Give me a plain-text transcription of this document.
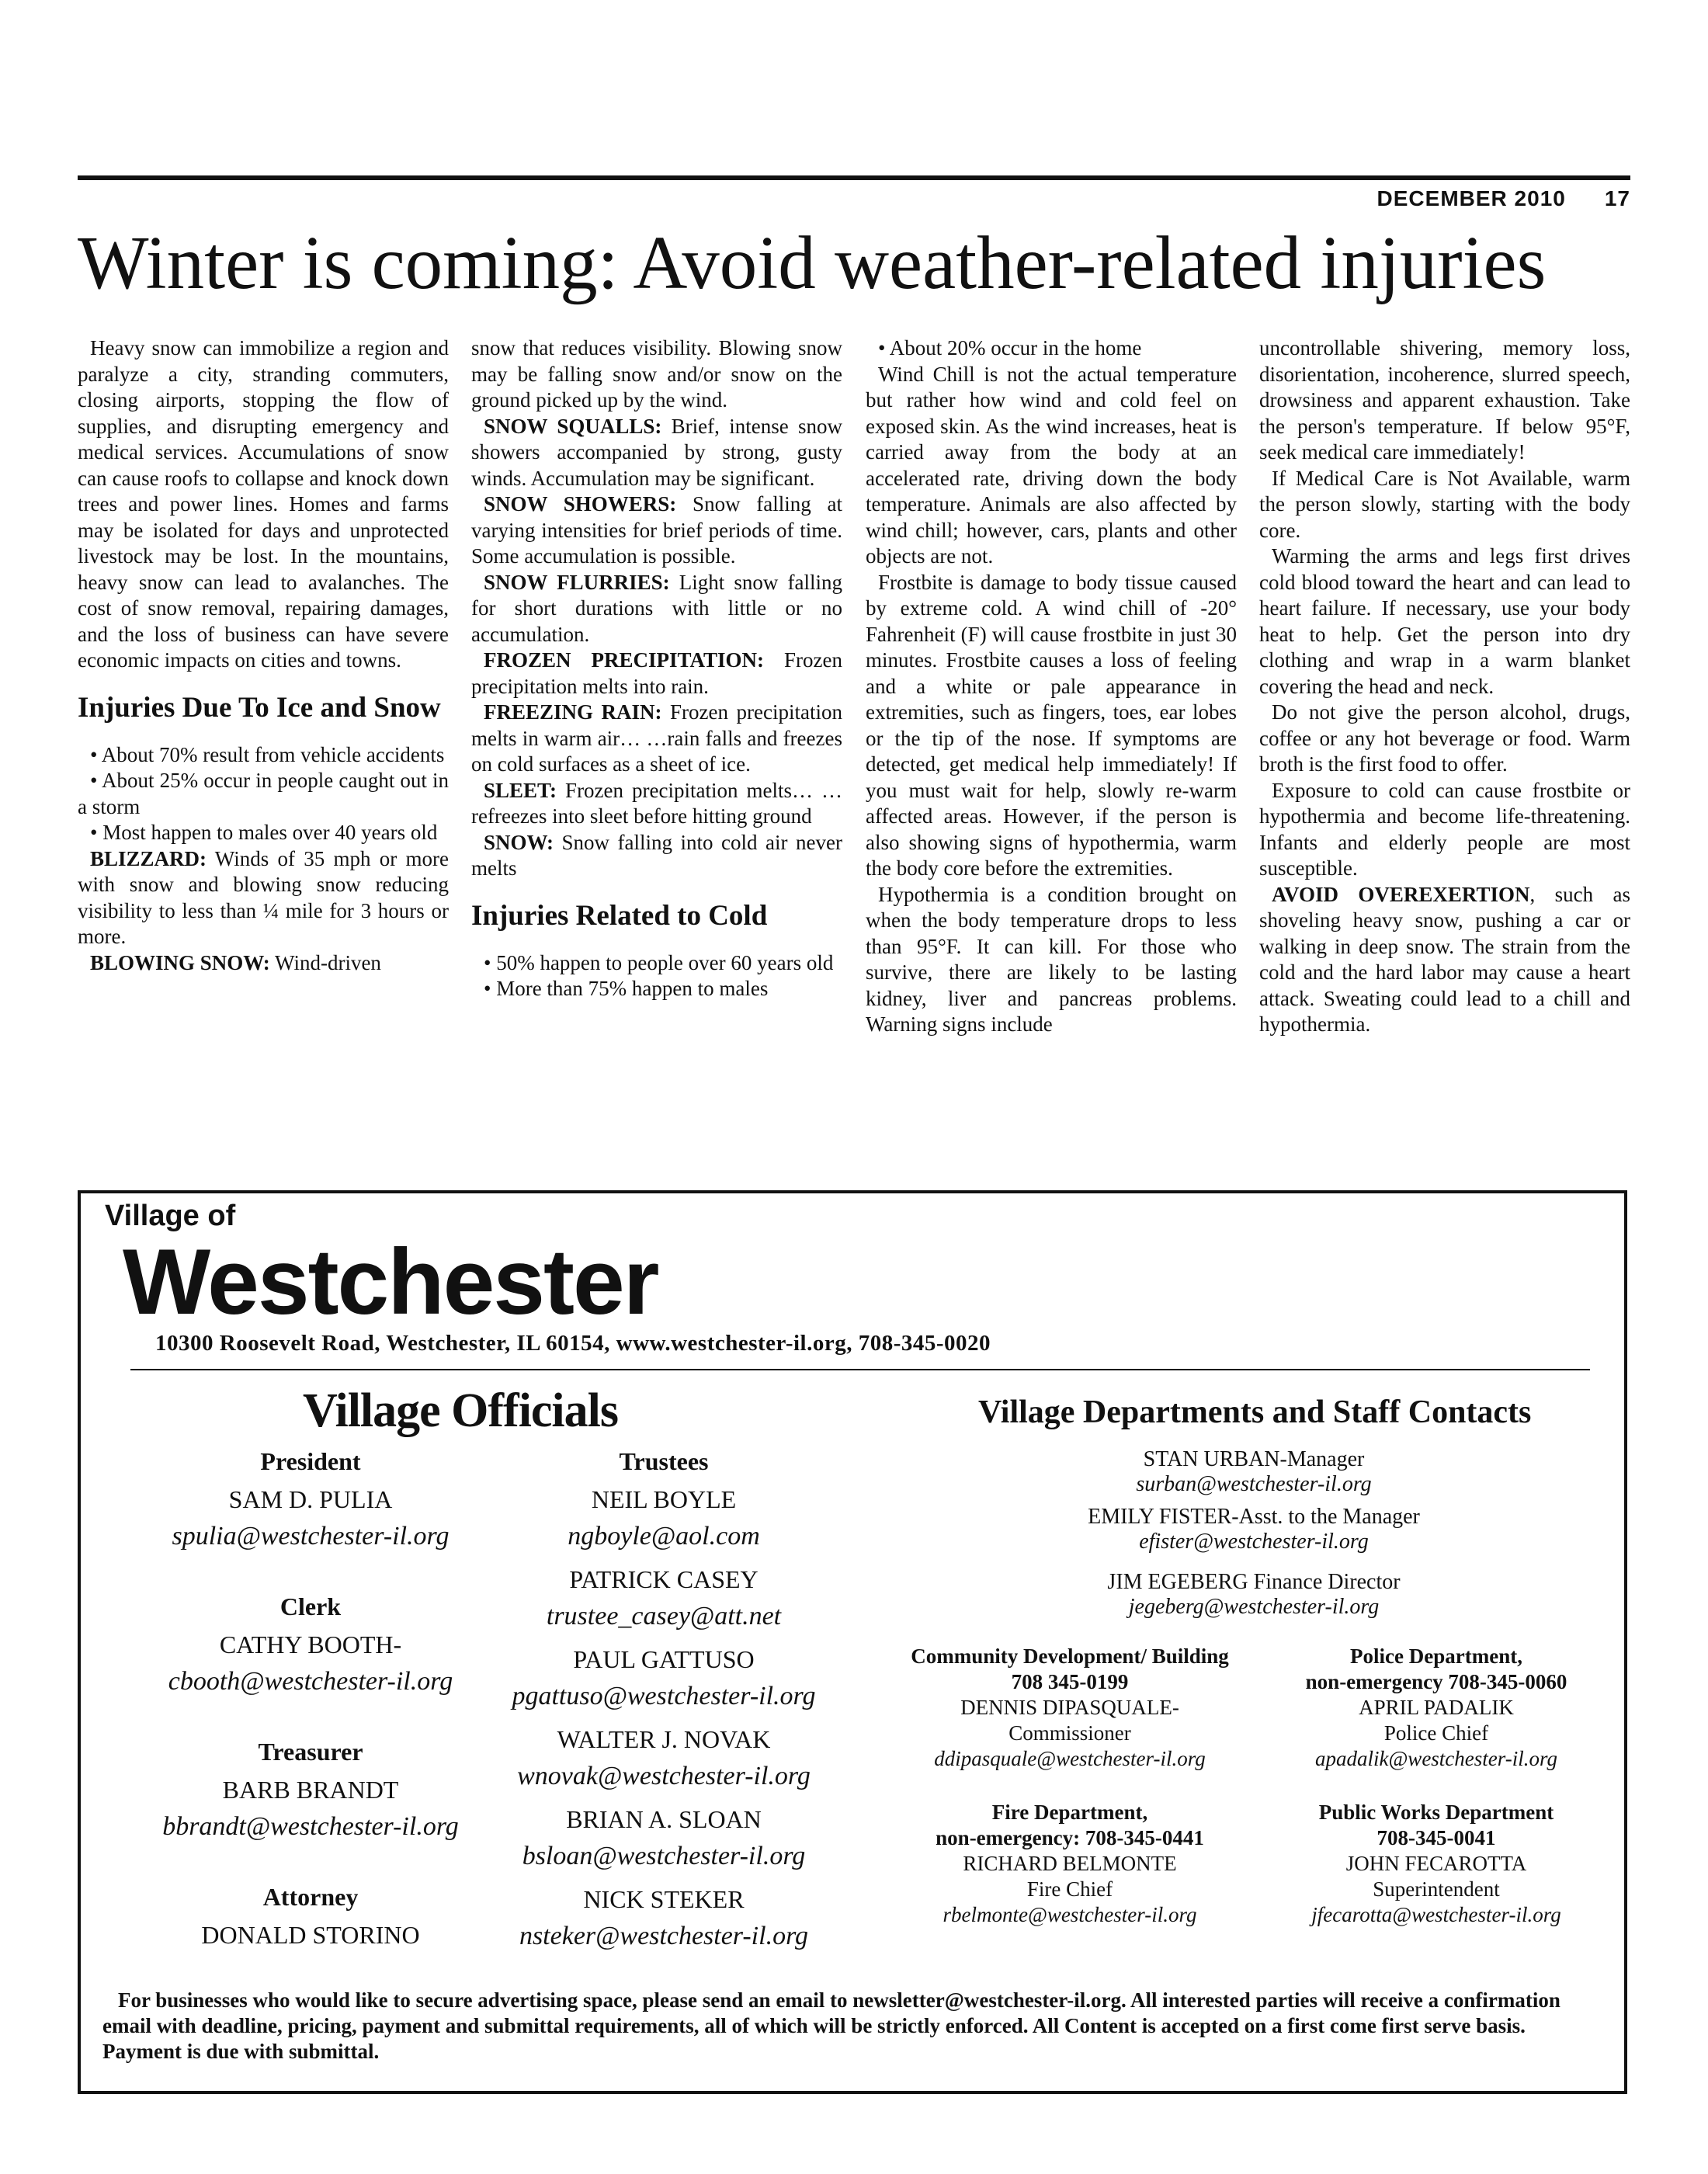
DECEMBER 2010 17
Winter is coming: Avoid weather-related injuries

Heavy snow can immobilize a region and paralyze a city, stranding commuters, closing airports, stopping the flow of supplies, and disrupting emergency and medical services. Accumulations of snow can cause roofs to collapse and knock down trees and power lines. Homes and farms may be isolated for days and unprotected livestock may be lost. In the mountains, heavy snow can lead to avalanches. The cost of snow removal, repairing damages, and the loss of business can have severe economic impacts on cities and towns.

Injuries Due To Ice and Snow

• About 70% result from vehicle accidents

• About 25% occur in people caught out in a storm

• Most happen to males over 40 years old

BLIZZARD: Winds of 35 mph or more with snow and blowing snow reducing visibility to less than ¼ mile for 3 hours or more.

BLOWING SNOW: Wind-driven

snow that reduces visibility. Blowing snow may be falling snow and/or snow on the ground picked up by the wind.

SNOW SQUALLS: Brief, intense snow showers accompanied by strong, gusty winds. Accumulation may be significant.

SNOW SHOWERS: Snow falling at varying intensities for brief periods of time. Some accumulation is possible.

SNOW FLURRIES: Light snow falling for short durations with little or no accumulation.

FROZEN PRECIPITATION: Frozen precipitation melts into rain.

FREEZING RAIN: Frozen precipitation melts in warm air… …rain falls and freezes on cold surfaces as a sheet of ice.

SLEET: Frozen precipitation melts… …refreezes into sleet before hitting ground

SNOW: Snow falling into cold air never melts

Injuries Related to Cold

• 50% happen to people over 60 years old

• More than 75% happen to males

• About 20% occur in the home

Wind Chill is not the actual temperature but rather how wind and cold feel on exposed skin. As the wind increases, heat is carried away from the body at an accelerated rate, driving down the body temperature. Animals are also affected by wind chill; however, cars, plants and other objects are not.

Frostbite is damage to body tissue caused by extreme cold. A wind chill of -20° Fahrenheit (F) will cause frostbite in just 30 minutes. Frostbite causes a loss of feeling and a white or pale appearance in extremities, such as fingers, toes, ear lobes or the tip of the nose. If symptoms are detected, get medical help immediately! If you must wait for help, slowly re-warm affected areas. However, if the person is also showing signs of hypothermia, warm the body core before the extremities.

Hypothermia is a condition brought on when the body temperature drops to less than 95°F. It can kill. For those who survive, there are likely to be lasting kidney, liver and pancreas problems. Warning signs include

uncontrollable shivering, memory loss, disorientation, incoherence, slurred speech, drowsiness and apparent exhaustion. Take the person's temperature. If below 95°F, seek medical care immediately!

If Medical Care is Not Available, warm the person slowly, starting with the body core.

Warming the arms and legs first drives cold blood toward the heart and can lead to heart failure. If necessary, use your body heat to help. Get the person into dry clothing and wrap in a warm blanket covering the head and neck.

Do not give the person alcohol, drugs, coffee or any hot beverage or food. Warm broth is the first food to offer.

Exposure to cold can cause frostbite or hypothermia and become life-threatening. Infants and elderly people are most susceptible.

AVOID OVEREXERTION, such as shoveling heavy snow, pushing a car or walking in deep snow. The strain from the cold and the hard labor may cause a heart attack. Sweating could lead to a chill and hypothermia.

Village of
Westchester
10300 Roosevelt Road, Westchester, IL 60154, www.westchester-il.org, 708-345-0020
Village Officials	Village Departments and Staff Contacts
President
SAM D. PULIA
spulia@westchester-il.org
Clerk
CATHY BOOTH-
cbooth@westchester-il.org
Treasurer
BARB BRANDT
bbrandt@westchester-il.org
Attorney
DONALD STORINO
Trustees
NEIL BOYLE
ngboyle@aol.com
PATRICK CASEY
trustee_casey@att.net
PAUL GATTUSO
pgattuso@westchester-il.org
WALTER J. NOVAK
wnovak@westchester-il.org
BRIAN A. SLOAN
bsloan@westchester-il.org
NICK STEKER
nsteker@westchester-il.org
STAN URBAN-Manager
surban@westchester-il.org
EMILY FISTER-Asst. to the Manager
efister@westchester-il.org
JIM EGEBERG Finance Director
jegeberg@westchester-il.org
Community Development/ Building
708 345-0199
DENNIS DIPASQUALE-
Commissioner
ddipasquale@westchester-il.org
Police Department,
non-emergency 708-345-0060
APRIL PADALIK
Police Chief
apadalik@westchester-il.org
Fire Department,
non-emergency: 708-345-0441
RICHARD BELMONTE
Fire Chief
rbelmonte@westchester-il.org
Public Works Department
708-345-0041
JOHN FECAROTTA
Superintendent
jfecarotta@westchester-il.org
For businesses who would like to secure advertising space, please send an email to newsletter@westchester-il.org. All interested parties will receive a confirmation email with deadline, pricing, payment and submittal requirements, all of which will be strictly enforced. All Content is accepted on a first come first serve basis. Payment is due with submittal.
